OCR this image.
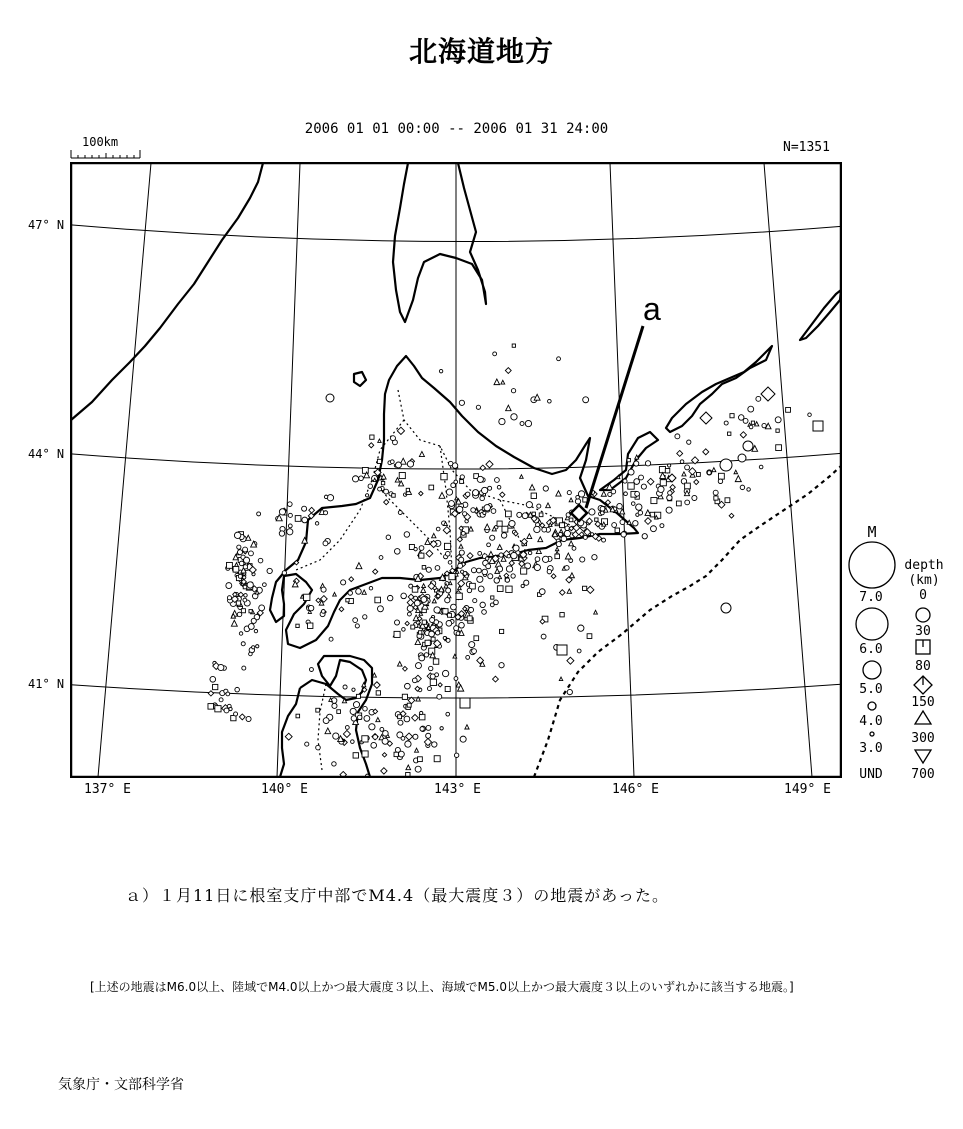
北海道地方
2006 01 01 00:00 -- 2006 01 31 24:00
N=1351
100km
47° N
44° N
41° N
137° E	140° E	143° E	146° E	149° E
a
M
depth
(km)
7.0
6.0
5.0
4.0
3.0
UND
0
30
80
150
300
700
ａ）１月11日に根室支庁中部でM4.4（最大震度３）の地震があった。
[上述の地震はM6.0以上、陸域でM4.0以上かつ最大震度３以上、海域でM5.0以上かつ最大震度３以上のいずれかに該当する地震。]
気象庁・文部科学省
